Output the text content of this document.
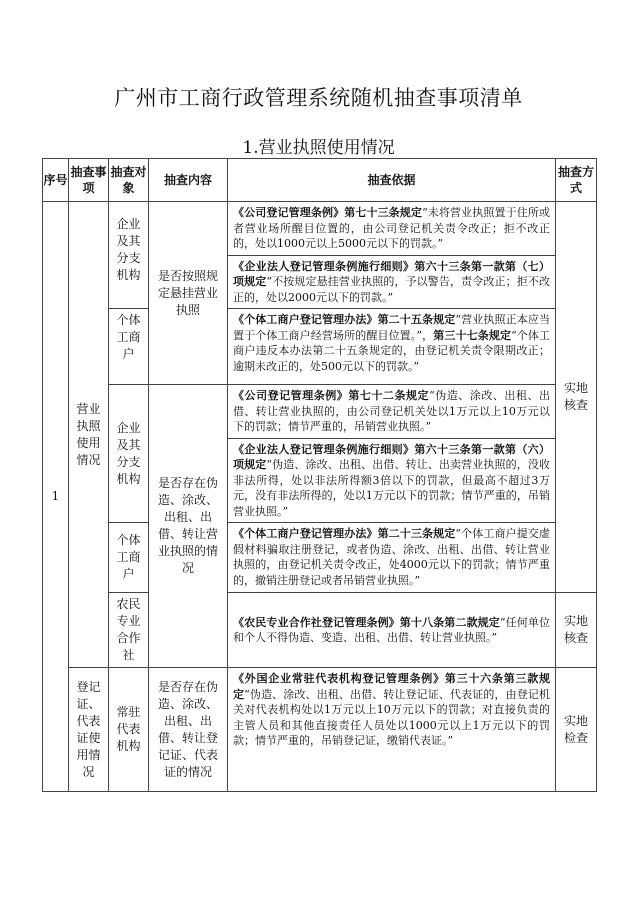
广州市工商行政管理系统随机抽查事项清单
1.营业执照使用情况
序号	抽查事项	抽查对象	抽查内容	抽查依据	抽查方式
1	营业执照使用情况	企业及其分支机构	是否按照规定悬挂营业执照	《公司登记管理条例》第七十三条规定“未将营业执照置于住所或者营业场所醒目位置的，由公司登记机关责令改正；拒不改正的，处以1000元以上5000元以下的罚款。”	实地核查
				《企业法人登记管理条例施行细则》第六十三条第一款第（七）项规定“不按规定悬挂营业执照的，予以警告，责令改正；拒不改正的，处以2000元以下的罚款。”	
		个体工商户		《个体工商户登记管理办法》第二十五条规定“营业执照正本应当置于个体工商户经营场所的醒目位置。”，第三十七条规定“个体工商户违反本办法第二十五条规定的，由登记机关责令限期改正；逾期未改正的，处500元以下的罚款。”	
		企业及其分支机构	是否存在伪造、涂改、出租、出借、转让营业执照的情况	《公司登记管理条例》第七十二条规定“伪造、涂改、出租、出借、转让营业执照的，由公司登记机关处以1万元以上10万元以下的罚款；情节严重的，吊销营业执照。”	
				《企业法人登记管理条例施行细则》第六十三条第一款第（六）项规定“伪造、涂改、出租、出借、转让、出卖营业执照的，没收非法所得，处以非法所得额3倍以下的罚款，但最高不超过3万元，没有非法所得的，处以1万元以下的罚款；情节严重的，吊销营业执照。”	
		个体工商户		《个体工商户登记管理办法》第二十三条规定“个体工商户提交虚假材料骗取注册登记，或者伪造、涂改、出租、出借、转让营业执照的，由登记机关责令改正，处4000元以下的罚款；情节严重的，撤销注册登记或者吊销营业执照。”	
		农民专业合作社		《农民专业合作社登记管理条例》第十八条第二款规定“任何单位和个人不得伪造、变造、出租、出借、转让营业执照。”	实地核查
	登记证、代表证使用情况	常驻代表机构	是否存在伪造、涂改、出租、出借、转让登记证、代表证的情况	《外国企业常驻代表机构登记管理条例》第三十六条第三款规定“伪造、涂改、出租、出借、转让登记证、代表证的，由登记机关对代表机构处以1万元以上10万元以下的罚款；对直接负责的主管人员和其他直接责任人员处以1000元以上1万元以下的罚款；情节严重的，吊销登记证，缴销代表证。”	实地检查
